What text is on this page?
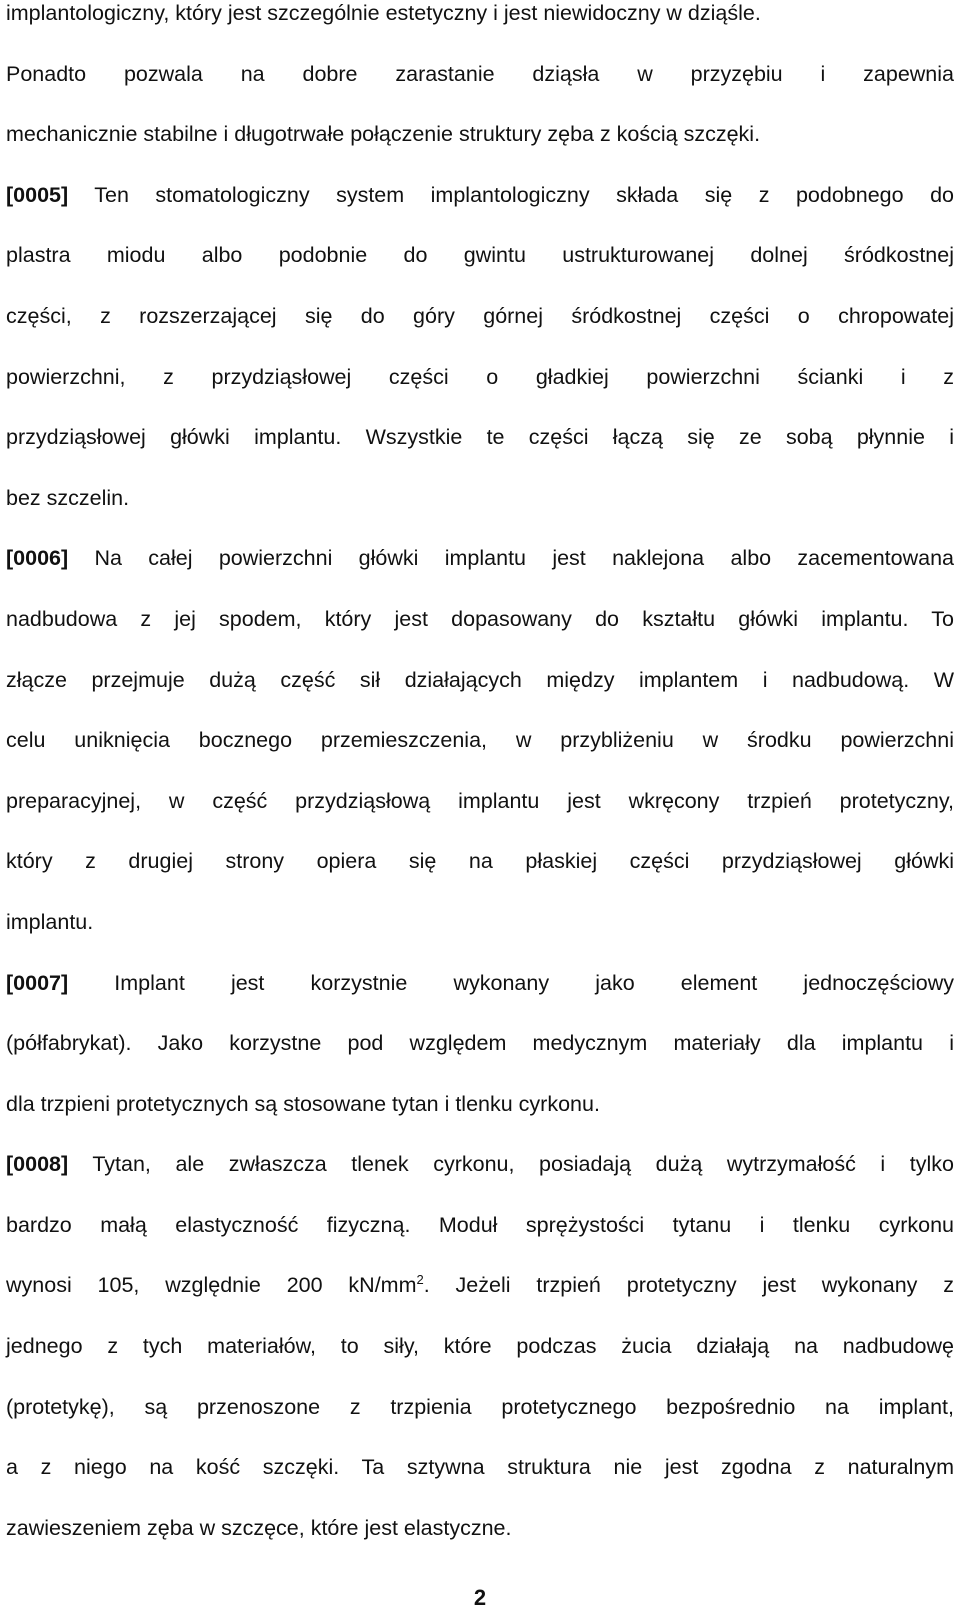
implantologiczny, który jest szczególnie estetyczny i jest niewidoczny w dziąśle.
Ponadto pozwala na dobre zarastanie dziąsła w przyzębiu i zapewnia
mechanicznie stabilne i długotrwałe połączenie struktury zęba z kością szczęki.
[0005] Ten stomatologiczny system implantologiczny składa się z podobnego do
plastra miodu albo podobnie do gwintu ustrukturowanej dolnej śródkostnej
części, z rozszerzającej się do góry górnej śródkostnej części o chropowatej
powierzchni, z przydziąsłowej części o gładkiej powierzchni ścianki i z
przydziąsłowej główki implantu. Wszystkie te części łączą się ze sobą płynnie i
bez szczelin.
[0006] Na całej powierzchni główki implantu jest naklejona albo zacementowana
nadbudowa z jej spodem, który jest dopasowany do kształtu główki implantu. To
złącze przejmuje dużą część sił działających między implantem i nadbudową. W
celu uniknięcia bocznego przemieszczenia, w przybliżeniu w środku powierzchni
preparacyjnej, w część przydziąsłową implantu jest wkręcony trzpień protetyczny,
który z drugiej strony opiera się na płaskiej części przydziąsłowej główki
implantu.
[0007] Implant jest korzystnie wykonany jako element jednoczęściowy
(półfabrykat). Jako korzystne pod względem medycznym materiały dla implantu i
dla trzpieni protetycznych są stosowane tytan i tlenku cyrkonu.
[0008] Tytan, ale zwłaszcza tlenek cyrkonu, posiadają dużą wytrzymałość i tylko
bardzo małą elastyczność fizyczną. Moduł sprężystości tytanu i tlenku cyrkonu
wynosi 105, względnie 200 $kN/mm^2$. Jeżeli trzpień protetyczny jest wykonany z
jednego z tych materiałów, to siły, które podczas żucia działają na nadbudowę
(protetykę), są przenoszone z trzpienia protetycznego bezpośrednio na implant,
a z niego na kość szczęki. Ta sztywna struktura nie jest zgodna z naturalnym
zawieszeniem zęba w szczęce, które jest elastyczne.
2
